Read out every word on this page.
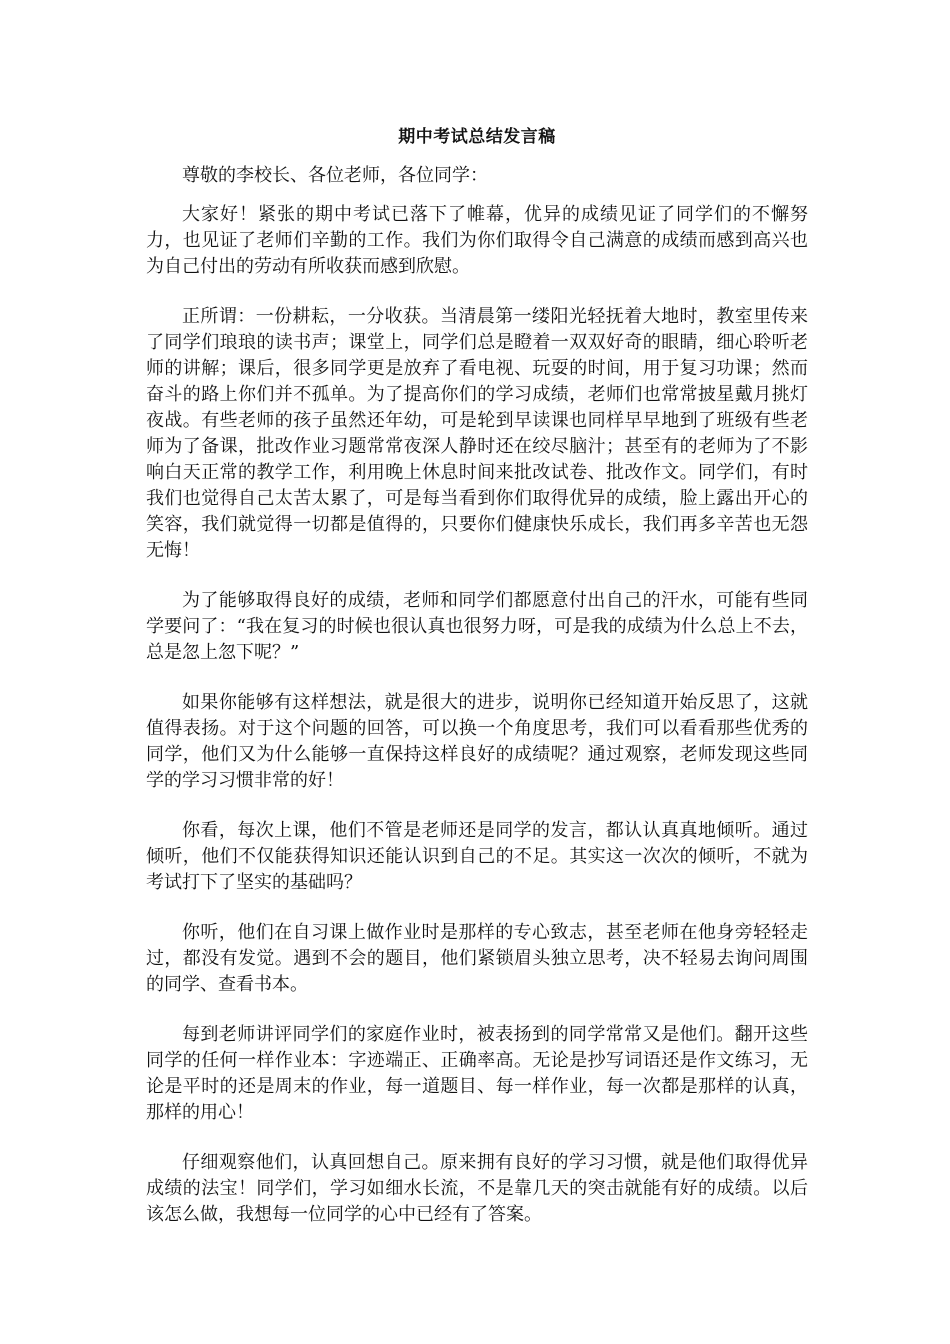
期中考试总结发言稿

尊敬的李校长、各位老师，各位同学：

大家好！紧张的期中考试已落下了帷幕，优异的成绩见证了同学们的不懈努力，也见证了老师们辛勤的工作。我们为你们取得令自己满意的成绩而感到高兴也为自己付出的劳动有所收获而感到欣慰。

正所谓：一份耕耘，一分收获。当清晨第一缕阳光轻抚着大地时，教室里传来了同学们琅琅的读书声；课堂上，同学们总是瞪着一双双好奇的眼睛，细心聆听老师的讲解；课后，很多同学更是放弃了看电视、玩耍的时间，用于复习功课；然而奋斗的路上你们并不孤单。为了提高你们的学习成绩，老师们也常常披星戴月挑灯夜战。有些老师的孩子虽然还年幼，可是轮到早读课也同样早早地到了班级有些老师为了备课，批改作业习题常常夜深人静时还在绞尽脑汁；甚至有的老师为了不影响白天正常的教学工作，利用晚上休息时间来批改试卷、批改作文。同学们，有时我们也觉得自己太苦太累了，可是每当看到你们取得优异的成绩，脸上露出开心的笑容，我们就觉得一切都是值得的，只要你们健康快乐成长，我们再多辛苦也无怨无悔！

为了能够取得良好的成绩，老师和同学们都愿意付出自己的汗水，可能有些同学要问了：“我在复习的时候也很认真也很努力呀，可是我的成绩为什么总上不去，总是忽上忽下呢？”

如果你能够有这样想法，就是很大的进步，说明你已经知道开始反思了，这就值得表扬。对于这个问题的回答，可以换一个角度思考，我们可以看看那些优秀的同学，他们又为什么能够一直保持这样良好的成绩呢？通过观察，老师发现这些同学的学习习惯非常的好！

你看，每次上课，他们不管是老师还是同学的发言，都认认真真地倾听。通过倾听，他们不仅能获得知识还能认识到自己的不足。其实这一次次的倾听，不就为考试打下了坚实的基础吗？

你听，他们在自习课上做作业时是那样的专心致志，甚至老师在他身旁轻轻走过，都没有发觉。遇到不会的题目，他们紧锁眉头独立思考，决不轻易去询问周围的同学、查看书本。

每到老师讲评同学们的家庭作业时，被表扬到的同学常常又是他们。翻开这些同学的任何一样作业本：字迹端正、正确率高。无论是抄写词语还是作文练习，无论是平时的还是周末的作业，每一道题目、每一样作业，每一次都是那样的认真，那样的用心！

仔细观察他们，认真回想自己。原来拥有良好的学习习惯，就是他们取得优异成绩的法宝！同学们，学习如细水长流，不是靠几天的突击就能有好的成绩。以后该怎么做，我想每一位同学的心中已经有了答案。
